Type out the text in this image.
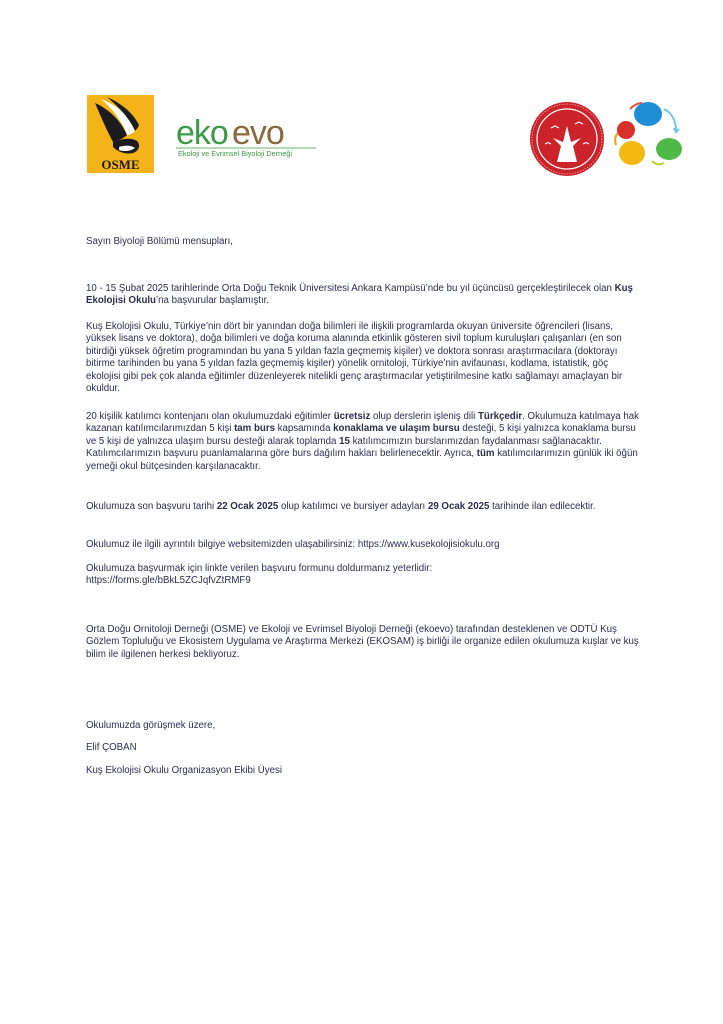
OSME
eko evo
Ekoloji ve Evrimsel Biyoloji Derneği

Sayın Biyoloji Bölümü mensupları,

10 - 15 Şubat 2025 tarihlerinde Orta Doğu Teknik Üniversitesi Ankara Kampüsü’nde bu yıl üçüncüsü gerçekleştirilecek olan Kuş Ekolojisi Okulu’na başvurular başlamıştır.

Kuş Ekolojisi Okulu, Türkiye’nin dört bir yanından doğa bilimleri ile ilişkili programlarda okuyan üniversite öğrencileri (lisans, yüksek lisans ve doktora), doğa bilimleri ve doğa koruma alanında etkinlik gösteren sivil toplum kuruluşları çalışanları (en son bitirdiği yüksek öğretim programından bu yana 5 yıldan fazla geçmemiş kişiler) ve doktora sonrası araştırmacılara (doktorayı bitirme tarihinden bu yana 5 yıldan fazla geçmemiş kişiler) yönelik ornitoloji, Türkiye’nin avifaunası, kodlama, istatistik, göç ekolojisi gibi pek çok alanda eğitimler düzenleyerek nitelikli genç araştırmacılar yetiştirilmesine katkı sağlamayı amaçlayan bir okuldur.

20 kişilik katılımcı kontenjanı olan okulumuzdaki eğitimler ücretsiz olup derslerin işleniş dili Türkçedir. Okulumuza katılmaya hak kazanan katılımcılarımızdan 5 kişi tam burs kapsamında konaklama ve ulaşım bursu desteği, 5 kişi yalnızca konaklama bursu ve 5 kişi de yalnızca ulaşım bursu desteği alarak toplamda 15 katılımcımızın burslarımızdan faydalanması sağlanacaktır. Katılımcılarımızın başvuru puanlamalarına göre burs dağılım hakları belirlenecektir. Ayrıca, tüm katılımcılarımızın günlük iki öğün yemeği okul bütçesinden karşılanacaktır.

Okulumuza son başvuru tarihi 22 Ocak 2025 olup katılımcı ve bursiyer adayları 29 Ocak 2025 tarihinde ilan edilecektir.

Okulumuz ile ilgili ayrıntılı bilgiye websitemizden ulaşabilirsiniz: https://www.kusekolojisiokulu.org

Okulumuza başvurmak için linkte verilen başvuru formunu doldurmanız yeterlidir:

https://forms.gle/bBkL5ZCJqfvZtRMF9

Orta Doğu Ornitoloji Derneği (OSME) ve Ekoloji ve Evrimsel Biyoloji Derneği (ekoevo) tarafından desteklenen ve ODTÜ Kuş Gözlem Topluluğu ve Ekosistem Uygulama ve Araştırma Merkezi (EKOSAM) iş birliği ile organize edilen okulumuza kuşlar ve kuş bilim ile ilgilenen herkesi bekliyoruz.

Okulumuzda görüşmek üzere,

Elif ÇOBAN

Kuş Ekolojisi Okulu Organizasyon Ekibi Üyesi
